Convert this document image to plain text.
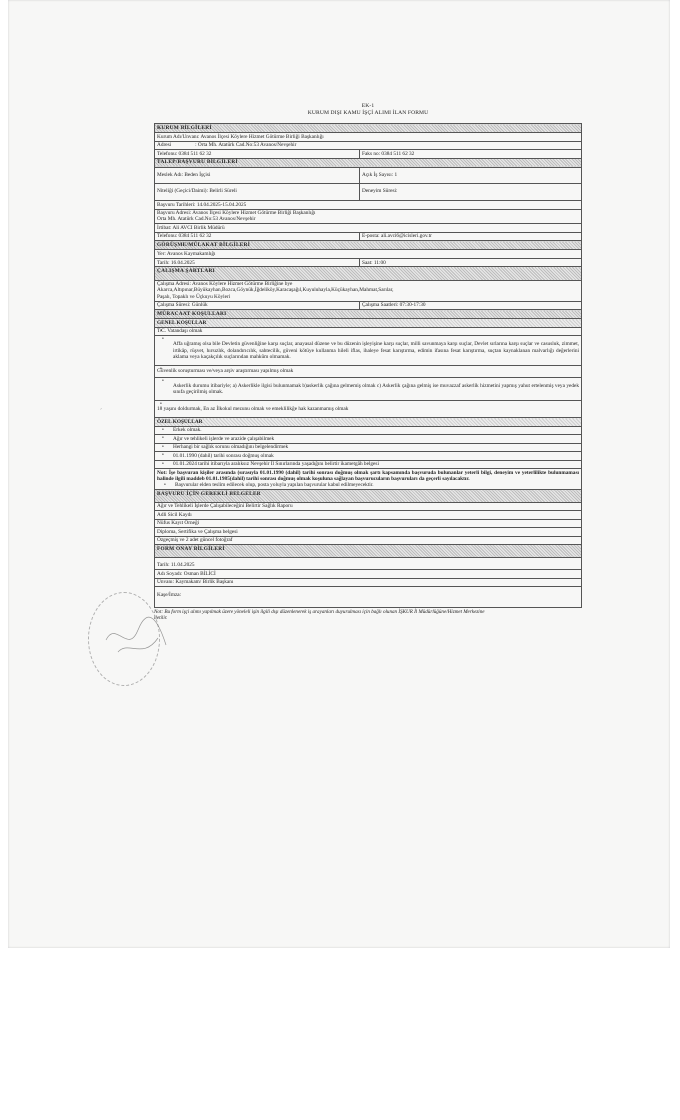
´
EK-1
KURUM DIŞI KAMU İŞÇİ ALIMI İLAN FORMU
KURUM BİLGİLERİ	
Kurum Adı/Unvanı: Avanos İlçesi Köylere Hizmet Götürme Birliği Başkanlığı	
Adresi : Orta Mh. Atatürk Cad.No:53 Avanos/Nevşehir	
Telefonu: 0384 511 62 32	Faks no: 0384 511 62 32
TALEP/BAŞVURU BİLGİLERİ	
Meslek Adı: Beden İşçisi	Açık İş Sayısı: 1
Niteliği (Geçici/Daimi): Belirli Süreli	Deneyim Süresi:
Başvuru Tarihleri: 14.04.2025-15.04.2025	

Başvuru Adresi: Avanos İlçesi Köylere Hizmet Götürme Birliği Başkanlığı
Orta Mh. Atatürk Cad.No:53 Avanos/Nevşehir	

İrtibat: Ali AVCI Birlik Müdürü	
Telefonu: 0384 511 62 32	E-posta: ali.avci6@icisleri.gov.tr
GÖRÜŞME/MÜLAKAT BİLGİLERİ	
Yer: Avanos Kaymakamlığı	
Tarih: 16.04.2025	Saat: 11:00
ÇALIŞMA ŞARTLARI	

Çalışma Adresi: Avanos Köylere Hizmet Götürme Birliğine bye
Akarca,Altıpınar,Büyükayhan,Bozca,Göynük,İğdeliköy,Karacaşağıl,Kuyuluhayla,Küçükayhan,Mahmat,Sarılar,
Paşalı, Topaklı ve Üçkuyu Köyleri	

Çalışma Süresi: Günlük	Çalışma Saatleri: 07:30-17:30
MÜRACAAT KOŞULLARI	
GENEL KOŞULLAR	
• T.C. Vatandaşı olmak
• Affa uğramış olsa bile Devletin güvenliğine karşı suçlar, anayasal düzene ve bu düzenin işleyişine karşı suçlar, milli savunmaya karşı suçlar, Devlet sırlarına karşı suçlar ve casusluk, zimmet, irtikâp, rüşvet, hırsızlık, dolandırıcılık, sahtecilik, güveni kötüye kullanma hileli iflas, ihaleye fesat karıştırma, edimin ifasına fesat karıştırma, suçtan kaynaklanan malvarlığı değerlerini aklama veya kaçakçılık suçlarından mahkûm olmamak.
• Güvenlik soruşturması ve/veya arşiv araştırması yapılmış olmak
• Askerlik durumu itibariyle; a) Askerlikle ilgisi bulunmamak b)askerlik çağına gelmemiş olmak c) Askerlik çağına gelmiş ise muvazzaf askerlik hizmetini yapmış yahut ertelenmiş veya yedek sınıfa geçirilmiş olmak.
• 18 yaşını doldurmak, En az İlkokul mezunu olmak ve emeklilikğe hak kazanmamış olmak
ÖZEL KOŞULLAR	
• Erkek olmak.
• Ağır ve tehlikeli işlerde ve arazide çalışabilmek
• Herhangi bir sağlık sorunu olmadığını belgelendirmek
• 01.01.1990 (dahil) tarihi sonrası doğmuş olmak
• 01.01.2024 tarihi itibarıyla aralıksız Nevşehir İl Sınırlarında yaşadığını belirtir ikametgâh belgesi
Not: İşe başvuran kişiler arasında (sırasıyla 01.01.1990 (dahil) tarihi sonrası doğmuş olmak şartı kapsamında başvuruda bulunanlar yeterli bilgi, deneyim ve yeterlilikte bulunmaması halinde ilgili maddeb 01.01.1985(dahil) tarihi sonrası doğmuş olmak koşuluna sağlayan başvurucuların başvuruları da geçerli sayılacaktır.
• Başvurular elden teslim edilecek olup, posta yoluyla yapılan başvurular kabul edilmeyecektir.

BAŞVURU İÇİN GEREKLİ BELGELER	
Ağır ve Tehlikeli İşlerde Çalışabileceğini Belirtir Sağlık Raporu	
Adli Sicil Kaydı	
Nüfus Kayıt Örneği	
Diploma, Sertifika ve Çalışma belgesi	
Özgeçmiş ve 2 adet güncel fotoğraf	
FORM ONAY BİLGİLERİ	
Tarih: 11.04.2025	
Adı Soyadı: Osman BİLİCİ	
Unvanı: Kaymakam/ Birlik Başkanı	
Kaşe/İmza:	
Not: Bu form işçi alımı yapılmak üzere yöneleli işin ilgili dışı düzenlenerek iş arayanları duyurulması için bağlı olunan İŞKUR İl Müdürlüğüne/Hizmet Merkezine iletilir.
